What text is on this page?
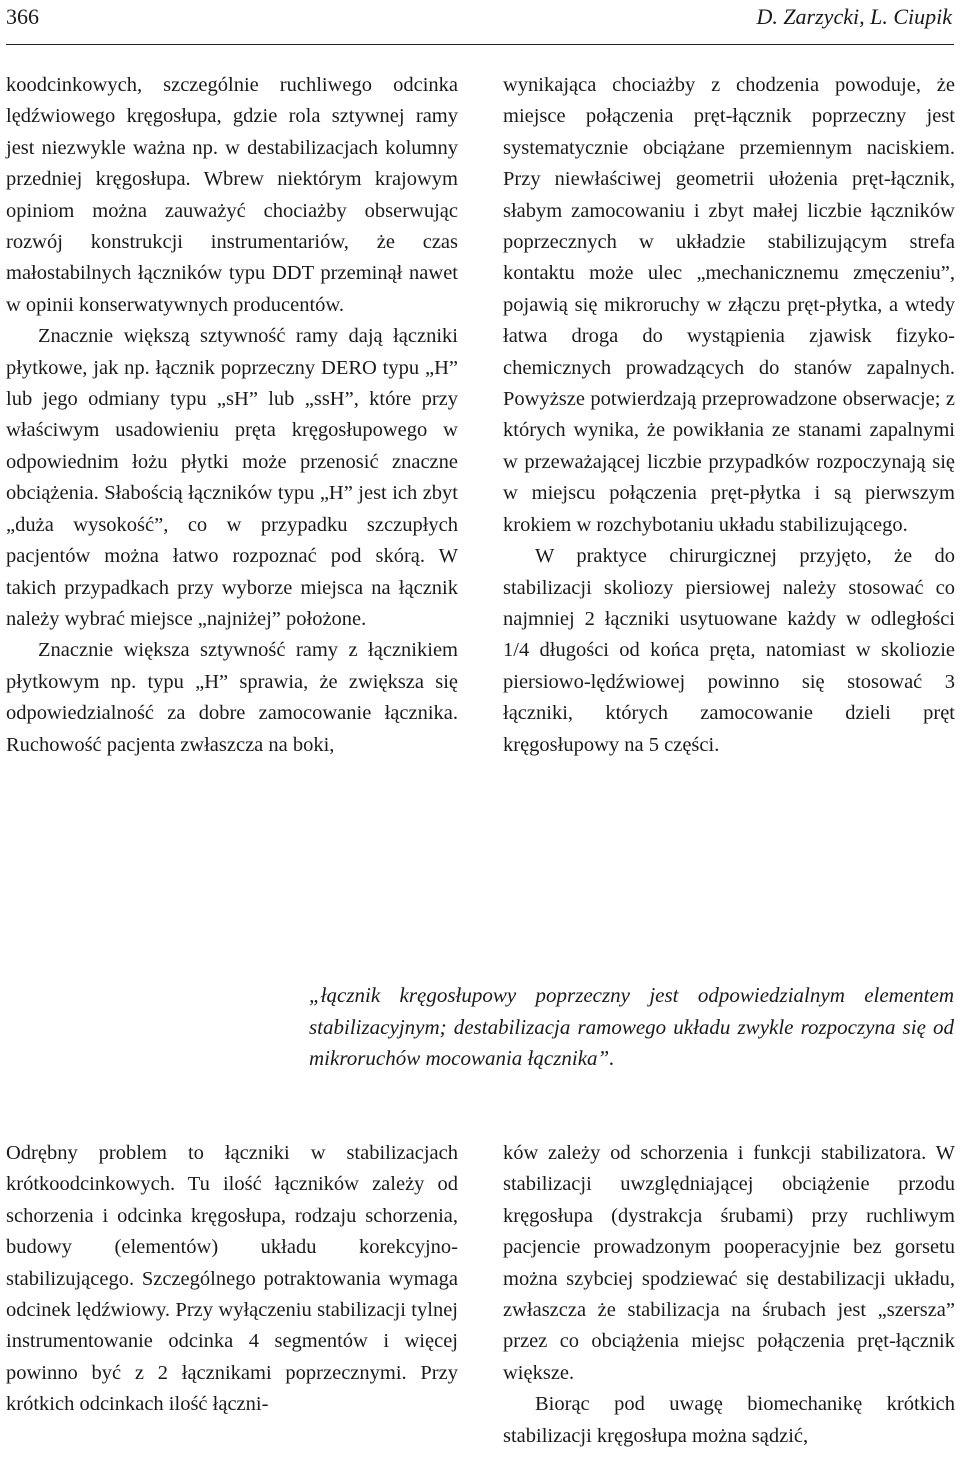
366	D. Zarzycki, L. Ciupik

koodcinkowych, szczególnie ruchliwego odcinka lędźwiowego kręgosłupa, gdzie rola sztywnej ramy jest niezwykle ważna np. w destabilizacjach kolumny przedniej kręgosłupa. Wbrew niektórym krajowym opiniom można zauważyć chociażby obserwując rozwój konstrukcji instrumentariów, że czas małostabilnych łączników typu DDT przeminął nawet w opinii konserwatywnych producentów.

Znacznie większą sztywność ramy dają łączniki płytkowe, jak np. łącznik poprzeczny DERO typu „H” lub jego odmiany typu „sH” lub „ssH”, które przy właściwym usadowieniu pręta kręgosłupowego w odpowiednim łożu płytki może przenosić znaczne obciążenia. Słabością łączników typu „H” jest ich zbyt „duża wysokość”, co w przypadku szczupłych pacjentów można łatwo rozpoznać pod skórą. W takich przypadkach przy wyborze miejsca na łącznik należy wybrać miejsce „najniżej” położone.

Znacznie większa sztywność ramy z łącznikiem płytkowym np. typu „H” sprawia, że zwiększa się odpowiedzialność za dobre zamocowanie łącznika. Ruchowość pacjenta zwłaszcza na boki,

wynikająca chociażby z chodzenia powoduje, że miejsce połączenia pręt-łącznik poprzeczny jest systematycznie obciążane przemiennym naciskiem. Przy niewłaściwej geometrii ułożenia pręt-łącznik, słabym zamocowaniu i zbyt małej liczbie łączników poprzecznych w układzie stabilizującym strefa kontaktu może ulec „mechanicznemu zmęczeniu”, pojawią się mikroruchy w złączu pręt-płytka, a wtedy łatwa droga do wystąpienia zjawisk fizyko-chemicznych prowadzących do stanów zapalnych. Powyższe potwierdzają przeprowadzone obserwacje; z których wynika, że powikłania ze stanami zapalnymi w przeważającej liczbie przypadków rozpoczynają się w miejscu połączenia pręt-płytka i są pierwszym krokiem w rozchybotaniu układu stabilizującego.

W praktyce chirurgicznej przyjęto, że do stabilizacji skoliozy piersiowej należy stosować co najmniej 2 łączniki usytuowane każdy w odległości 1/4 długości od końca pręta, natomiast w skoliozie piersiowo-lędźwiowej powinno się stosować 3 łączniki, których zamocowanie dzieli pręt kręgosłupowy na 5 części.

„łącznik kręgosłupowy poprzeczny jest odpowiedzialnym elementem stabilizacyjnym; destabilizacja ramowego układu zwykle rozpoczyna się od mikroruchów mocowania łącznika”.

Odrębny problem to łączniki w stabilizacjach krótkoodcinkowych. Tu ilość łączników zależy od schorzenia i odcinka kręgosłupa, rodzaju schorzenia, budowy (elementów) układu korekcyjno-stabilizującego. Szczególnego potraktowania wymaga odcinek lędźwiowy. Przy wyłączeniu stabilizacji tylnej instrumentowanie odcinka 4 segmentów i więcej powinno być z 2 łącznikami poprzecznymi. Przy krótkich odcinkach ilość łączni-

ków zależy od schorzenia i funkcji stabilizatora. W stabilizacji uwzględniającej obciążenie przodu kręgosłupa (dystrakcja śrubami) przy ruchliwym pacjencie prowadzonym pooperacyjnie bez gorsetu można szybciej spodziewać się destabilizacji układu, zwłaszcza że stabilizacja na śrubach jest „szersza” przez co obciążenia miejsc połączenia pręt-łącznik większe.

Biorąc pod uwagę biomechanikę krótkich stabilizacji kręgosłupa można sądzić,
